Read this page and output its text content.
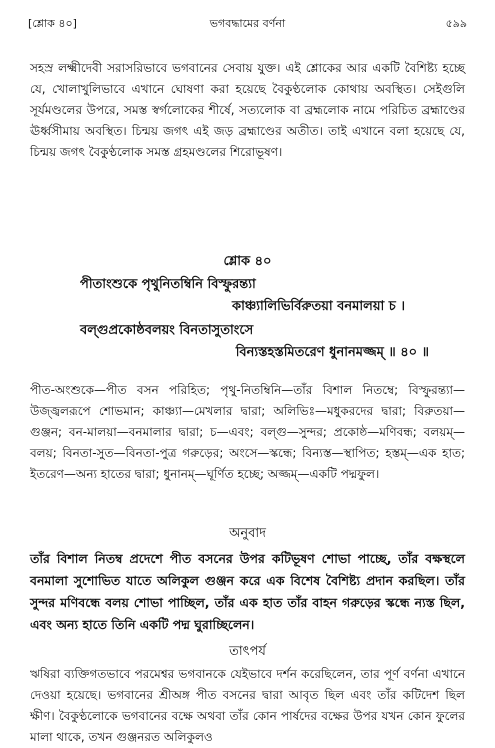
[শ্লোক ৪০]	ভগবদ্ধামের বর্ণনা	৫৯৯
সহস্র লক্ষ্মীদেবী সরাসরিভাবে ভগবানের সেবায় যুক্ত। এই শ্লোকের আর একটি বৈশিষ্ট্য হচ্ছে যে, খোলাখুলিভাবে এখানে ঘোষণা করা হয়েছে বৈকুণ্ঠলোক কোথায় অবস্থিত। সেইগুলি সূর্যমণ্ডলের উপরে, সমস্ত স্বর্গলোকের শীর্ষে, সত্যলোক বা ব্রহ্মলোক নামে পরিচিত ব্রহ্মাণ্ডের ঊর্ধ্বসীমায় অবস্থিত। চিন্ময় জগৎ এই জড় ব্রহ্মাণ্ডের অতীত। তাই এখানে বলা হয়েছে যে, চিন্ময় জগৎ বৈকুণ্ঠলোক সমস্ত গ্রহমণ্ডলের শিরোভূষণ।
শ্লোক ৪০
পীতাংশুকে পৃথুনিতম্বিনি বিস্ফুরন্ত্যা
কাঞ্চ্যালিভির্বিরুতয়া বনমালয়া চ ।
বল্গুপ্রকোষ্ঠবলয়ং বিনতাসুতাংসে
বিন্যস্তহস্তমিতরেণ ধুনানমজ্জম্ ॥ ৪০ ॥
পীত-অংশুকে—পীত বসন পরিহিত; পৃথু-নিতম্বিনি—তাঁর বিশাল নিতম্বে; বিস্ফুরন্ত্যা—উজ্জ্বলরূপে শোভমান; কাঞ্চ্যা—মেখলার দ্বারা; অলিভিঃ—মধুকরদের দ্বারা; বিরুতয়া—গুঞ্জন; বন-মালয়া—বনমালার দ্বারা; চ—এবং; বল্গু—সুন্দর; প্রকোষ্ঠ—মণিবন্ধ; বলয়ম্—বলয়; বিনতা-সুত—বিনতা-পুত্র গরুড়ের; অংসে—স্কন্ধে; বিন্যস্ত—স্থাপিত; হস্তম্—এক হাত; ইতরেণ—অন্য হাতের দ্বারা; ধুনানম্—ঘূর্ণিত হচ্ছে; অজ্জম্—একটি পদ্মফুল।
অনুবাদ
তাঁর বিশাল নিতম্ব প্রদেশে পীত বসনের উপর কটিভূষণ শোভা পাচ্ছে, তাঁর বক্ষস্থলে বনমালা সুশোভিত যাতে অলিকুল গুঞ্জন করে এক বিশেষ বৈশিষ্ট্য প্রদান করছিল। তাঁর সুন্দর মণিবন্ধে বলয় শোভা পাচ্ছিল, তাঁর এক হাত তাঁর বাহন গরুড়ের স্কন্ধে ন্যস্ত ছিল, এবং অন্য হাতে তিনি একটি পদ্ম ঘুরাচ্ছিলেন।
তাৎপর্য
ঋষিরা ব্যক্তিগতভাবে পরমেশ্বর ভগবানকে যেইভাবে দর্শন করেছিলেন, তার পূর্ণ বর্ণনা এখানে দেওয়া হয়েছে। ভগবানের শ্রীঅঙ্গ পীত বসনের দ্বারা আবৃত ছিল এবং তাঁর কটিদেশ ছিল ক্ষীণ। বৈকুণ্ঠলোকে ভগবানের বক্ষে অথবা তাঁর কোন পার্ষদের বক্ষের উপর যখন কোন ফুলের মালা থাকে, তখন গুঞ্জনরত অলিকুলও
